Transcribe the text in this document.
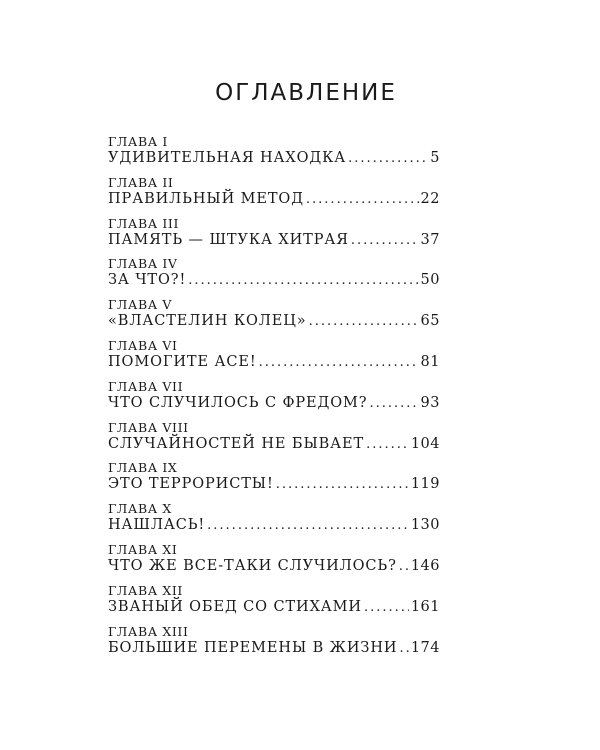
ОГЛАВЛЕНИЕ
ГЛАВА I
УДИВИТЕЛЬНАЯ НАХОДКА .....	5
ГЛАВА II
ПРАВИЛЬНЫЙ МЕТОД .....	22
ГЛАВА III
ПАМЯТЬ — ШТУКА ХИТРАЯ .....	37
ГЛАВА IV
ЗА ЧТО?! .....	50
ГЛАВА V
«ВЛАСТЕЛИН КОЛЕЦ» .....	65
ГЛАВА VI
ПОМОГИТЕ АСЕ! .....	81
ГЛАВА VII
ЧТО СЛУЧИЛОСЬ С ФРЕДОМ? .....	93
ГЛАВА VIII
СЛУЧАЙНОСТЕЙ НЕ БЫВАЕТ .....	104
ГЛАВА IX
ЭТО ТЕРРОРИСТЫ! .....	119
ГЛАВА X
НАШЛАСЬ! .....	130
ГЛАВА XI
ЧТО ЖЕ ВСЕ-ТАКИ СЛУЧИЛОСЬ? ..... 146
ГЛАВА XII
ЗВАНЫЙ ОБЕД СО СТИХАМИ .....	161
ГЛАВА XIII
БОЛЬШИЕ ПЕРЕМЕНЫ В ЖИЗНИ ..... 174
